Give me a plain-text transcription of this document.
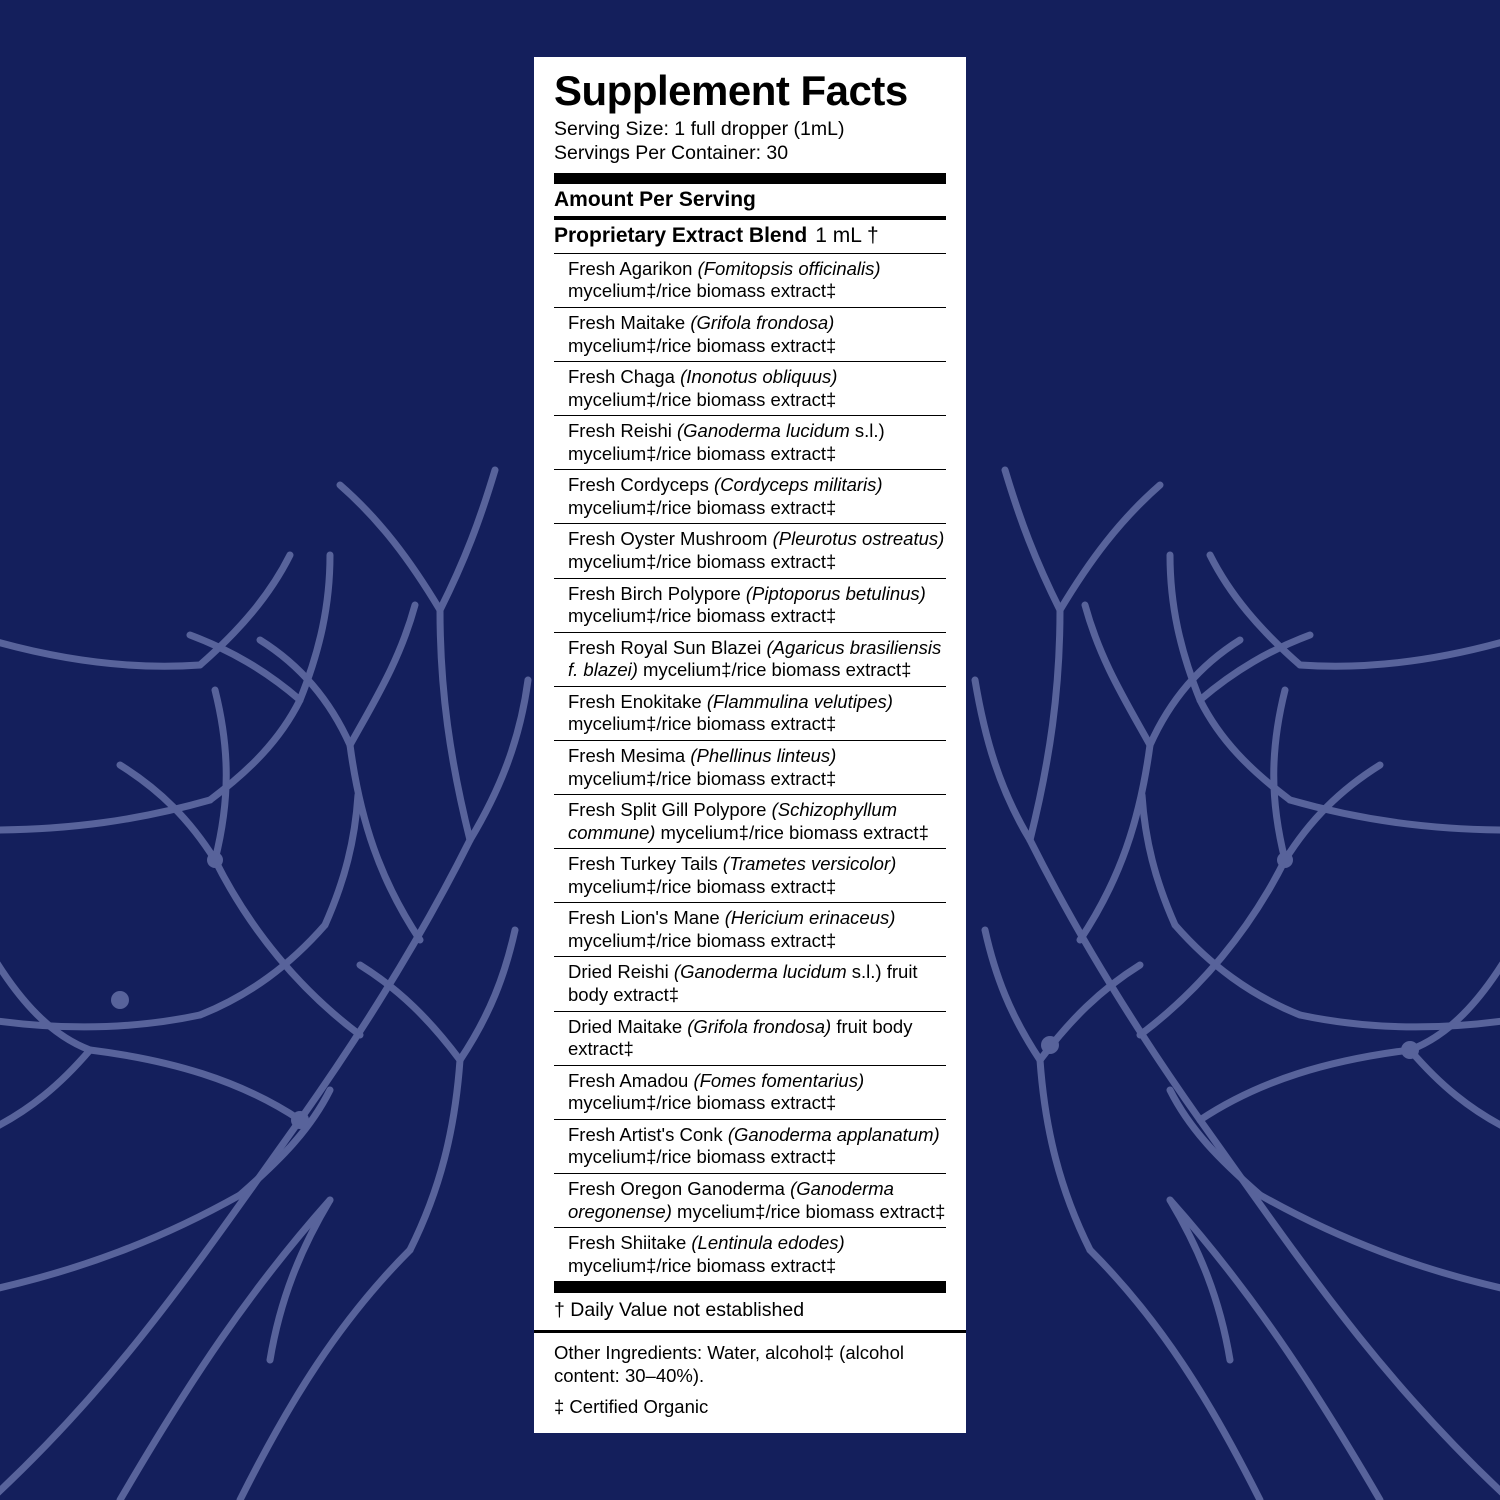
Supplement Facts
Serving Size: 1 full dropper (1mL)
Servings Per Container: 30
Amount Per Serving
Proprietary Extract Blend 1 mL †
Fresh Agarikon (Fomitopsis officinalis) mycelium‡/rice biomass extract‡
Fresh Maitake (Grifola frondosa) mycelium‡/rice biomass extract‡
Fresh Chaga (Inonotus obliquus) mycelium‡/rice biomass extract‡
Fresh Reishi (Ganoderma lucidum s.l.) mycelium‡/rice biomass extract‡
Fresh Cordyceps (Cordyceps militaris) mycelium‡/rice biomass extract‡
Fresh Oyster Mushroom (Pleurotus ostreatus) mycelium‡/rice biomass extract‡
Fresh Birch Polypore (Piptoporus betulinus) mycelium‡/rice biomass extract‡
Fresh Royal Sun Blazei (Agaricus brasiliensis f. blazei) mycelium‡/rice biomass extract‡
Fresh Enokitake (Flammulina velutipes) mycelium‡/rice biomass extract‡
Fresh Mesima (Phellinus linteus) mycelium‡/rice biomass extract‡
Fresh Split Gill Polypore (Schizophyllum commune) mycelium‡/rice biomass extract‡
Fresh Turkey Tails (Trametes versicolor) mycelium‡/rice biomass extract‡
Fresh Lion's Mane (Hericium erinaceus) mycelium‡/rice biomass extract‡
Dried Reishi (Ganoderma lucidum s.l.) fruit body extract‡
Dried Maitake (Grifola frondosa) fruit body extract‡
Fresh Amadou (Fomes fomentarius) mycelium‡/rice biomass extract‡
Fresh Artist's Conk (Ganoderma applanatum) mycelium‡/rice biomass extract‡
Fresh Oregon Ganoderma (Ganoderma oregonense) mycelium‡/rice biomass extract‡
Fresh Shiitake (Lentinula edodes) mycelium‡/rice biomass extract‡
† Daily Value not established
Other Ingredients: Water, alcohol‡ (alcohol content: 30–40%).
‡ Certified Organic
